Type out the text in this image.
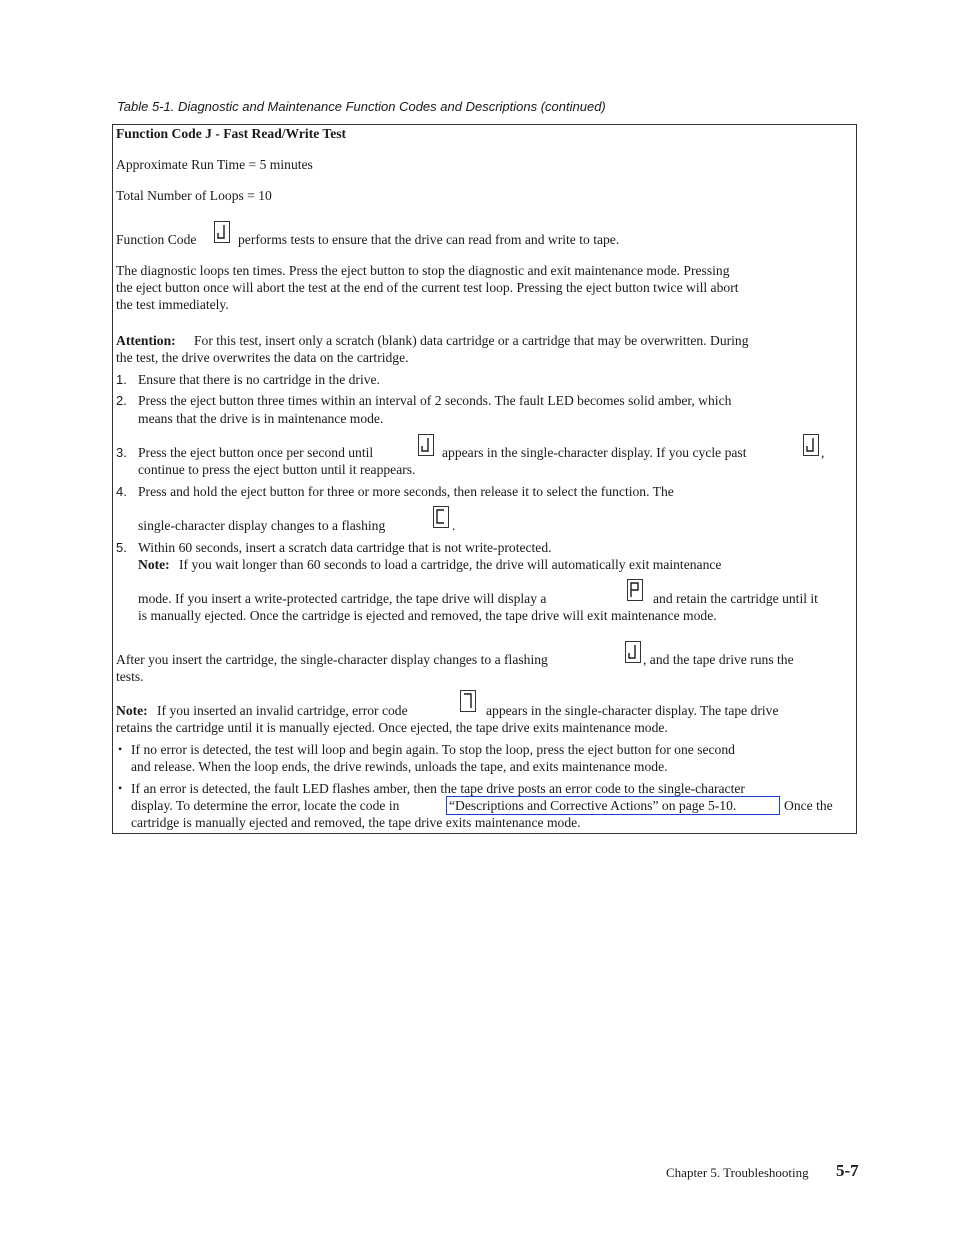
Table 5-1. Diagnostic and Maintenance Function Codes and Descriptions (continued)
Function Code J - Fast Read/Write Test
Approximate Run Time = 5 minutes
Total Number of Loops = 10
Function Code	performs tests to ensure that the drive can read from and write to tape.
The diagnostic loops ten times. Press the eject button to stop the diagnostic and exit maintenance mode. Pressing
the eject button once will abort the test at the end of the current test loop. Pressing the eject button twice will abort
the test immediately.
Attention: For this test, insert only a scratch (blank) data cartridge or a cartridge that may be overwritten. During
the test, the drive overwrites the data on the cartridge.
1. Ensure that there is no cartridge in the drive.
2. Press the eject button three times within an interval of 2 seconds. The fault LED becomes solid amber, which
means that the drive is in maintenance mode.
3. Press the eject button once per second until	appears in the single-character display. If you cycle past	,
continue to press the eject button until it reappears.
4. Press and hold the eject button for three or more seconds, then release it to select the function. The
single-character display changes to a flashing	.
5. Within 60 seconds, insert a scratch data cartridge that is not write-protected.
Note: If you wait longer than 60 seconds to load a cartridge, the drive will automatically exit maintenance
mode. If you insert a write-protected cartridge, the tape drive will display a	and retain the cartridge until it
is manually ejected. Once the cartridge is ejected and removed, the tape drive will exit maintenance mode.
After you insert the cartridge, the single-character display changes to a flashing	, and the tape drive runs the
tests.
Note: If you inserted an invalid cartridge, error code	appears in the single-character display. The tape drive
retains the cartridge until it is manually ejected. Once ejected, the tape drive exits maintenance mode.
• If no error is detected, the test will loop and begin again. To stop the loop, press the eject button for one second
and release. When the loop ends, the drive rewinds, unloads the tape, and exits maintenance mode.
• If an error is detected, the fault LED flashes amber, then the tape drive posts an error code to the single-character
display. To determine the error, locate the code in	“Descriptions and Corrective Actions” on page 5-10.	Once the
cartridge is manually ejected and removed, the tape drive exits maintenance mode.
Chapter 5. Troubleshooting 5-7
